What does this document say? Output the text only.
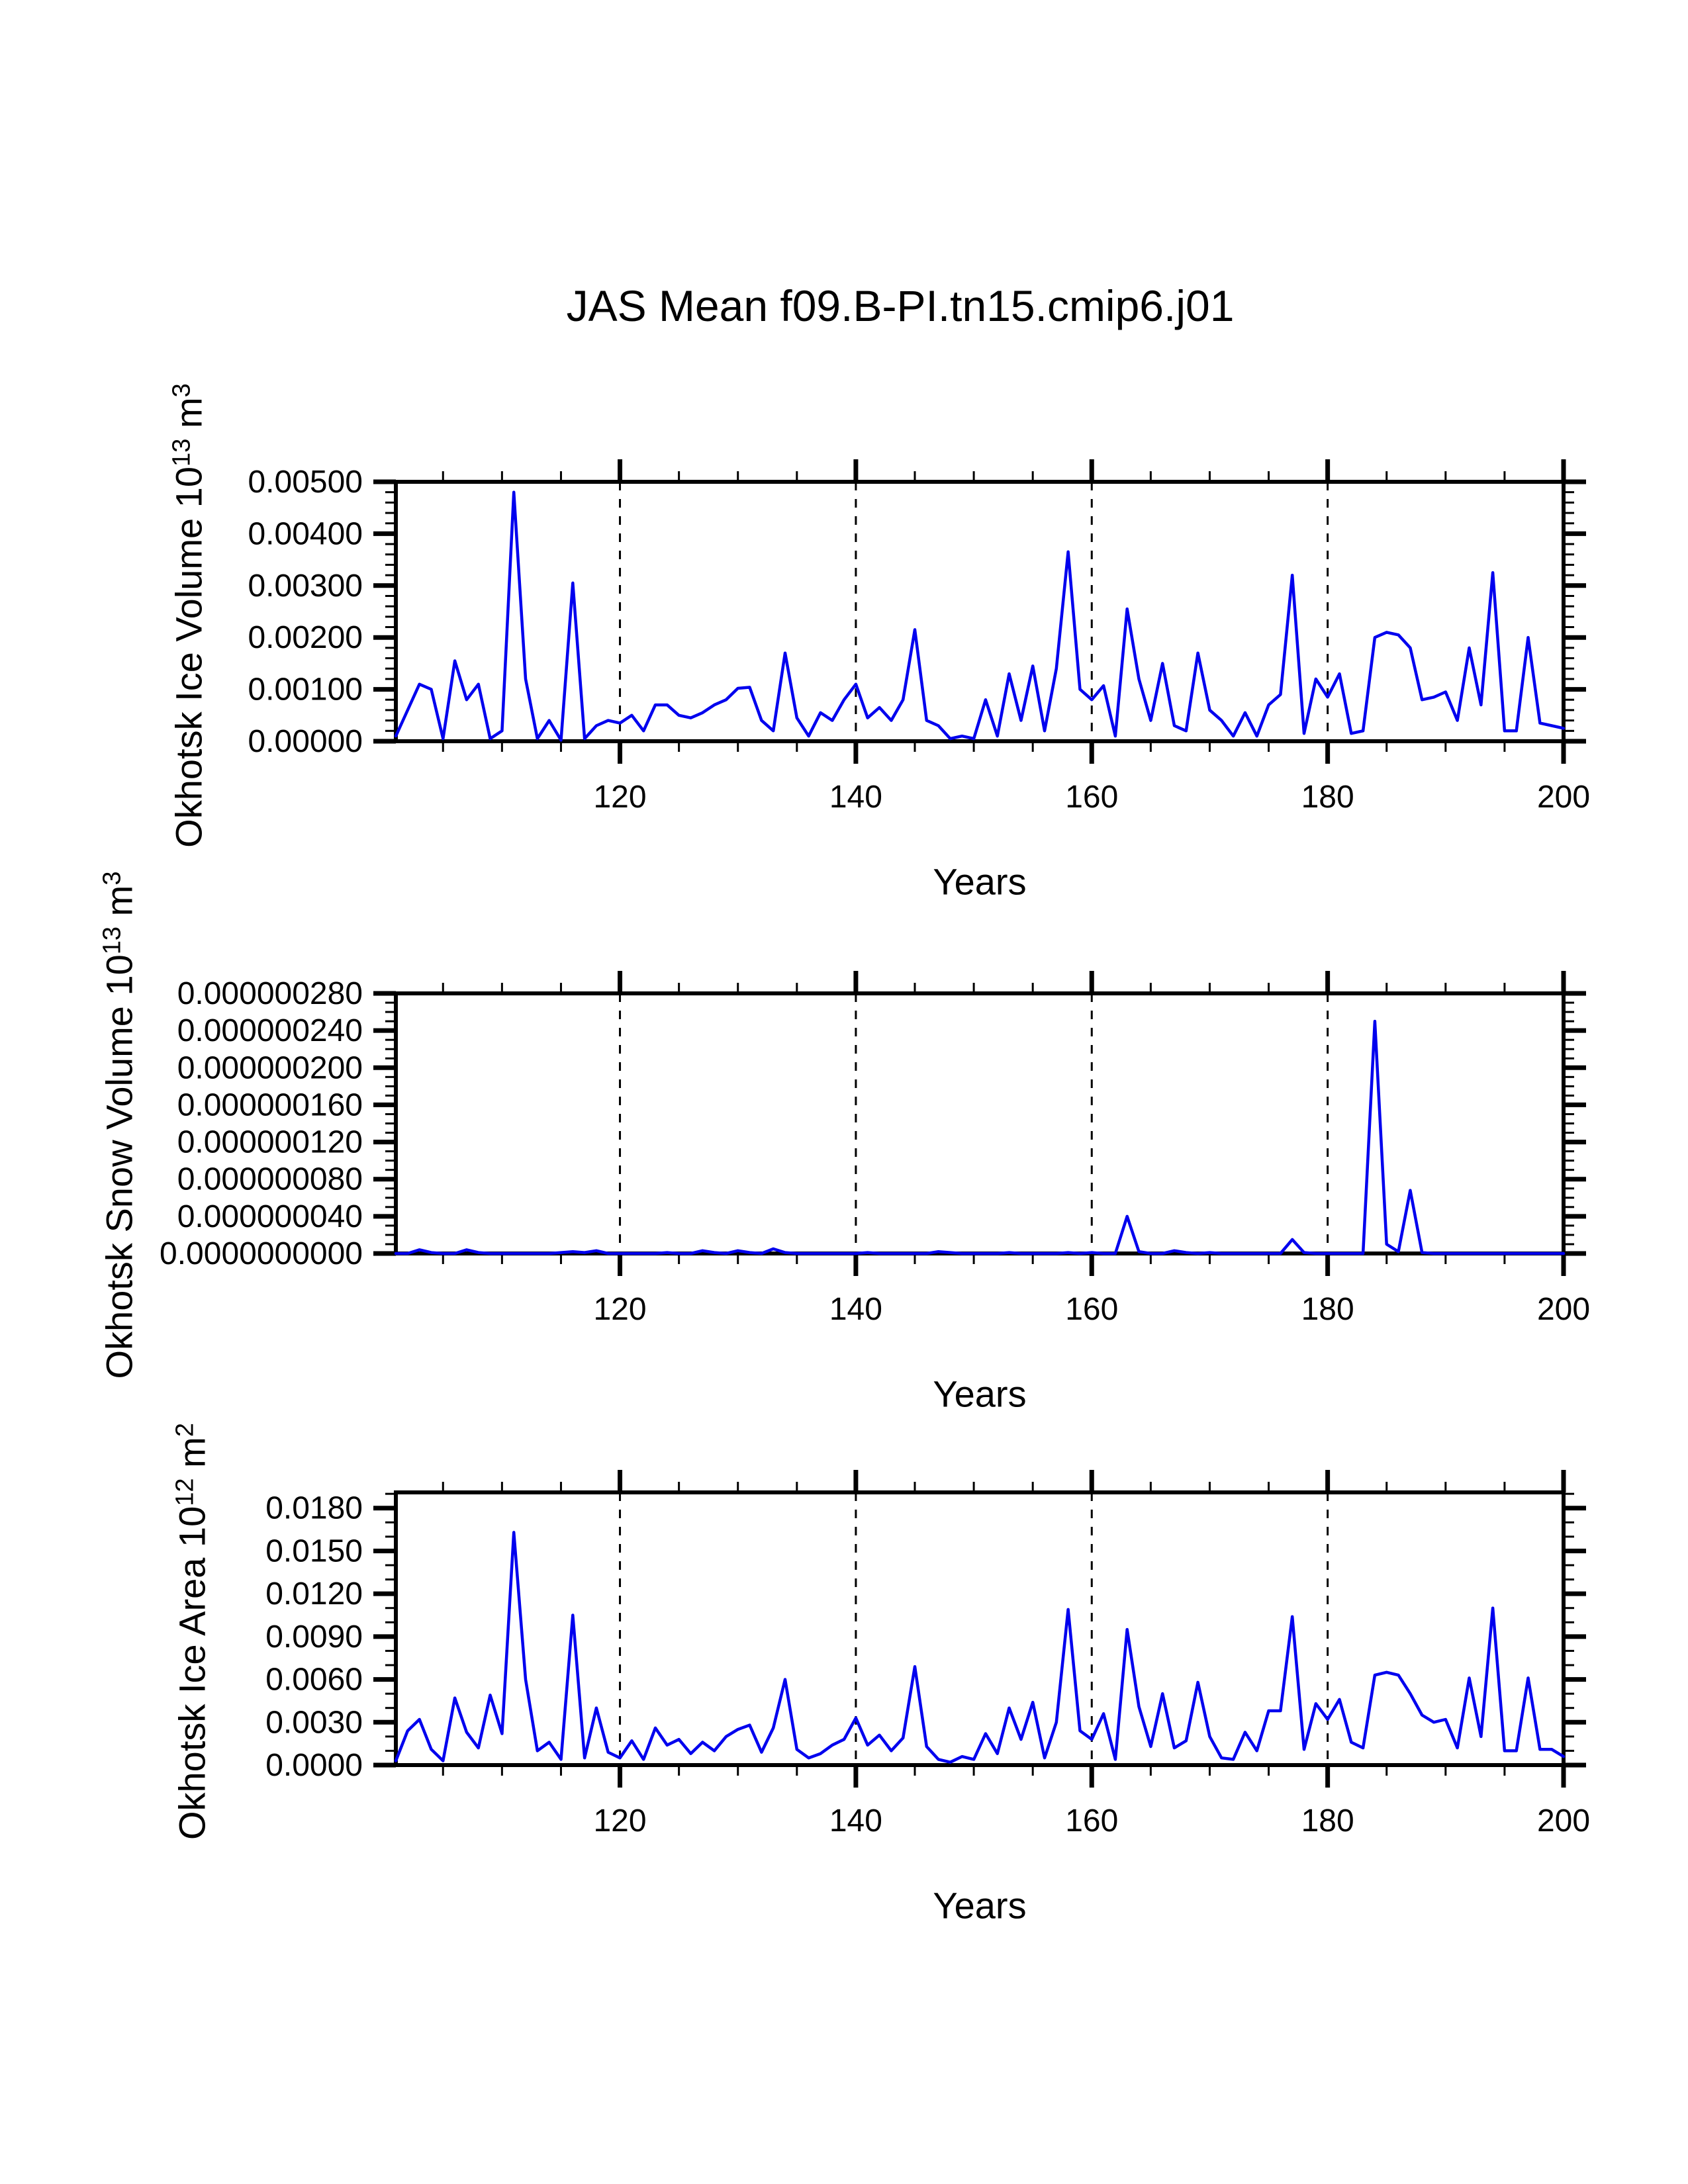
120	140	160	180	200
0.00000
0.00100
0.00200
0.00300
0.00400
0.00500
120	140	160	180	200
0.0000000000
0.000000040
0.000000080
0.000000120
0.000000160
0.000000200
0.000000240
0.000000280
120	140	160	180	200
0.0000
0.0030
0.0060
0.0090
0.0120
0.0150
0.0180
JAS Mean f09.B-PI.tn15.cmip6.j01
Okhotsk Ice Volume $10^{13}$ $m^3$
Okhotsk Snow Volume $10^{13}$ $m^3$
Okhotsk Ice Area $10^{12}$ $m^2$
Years
Years
Years
